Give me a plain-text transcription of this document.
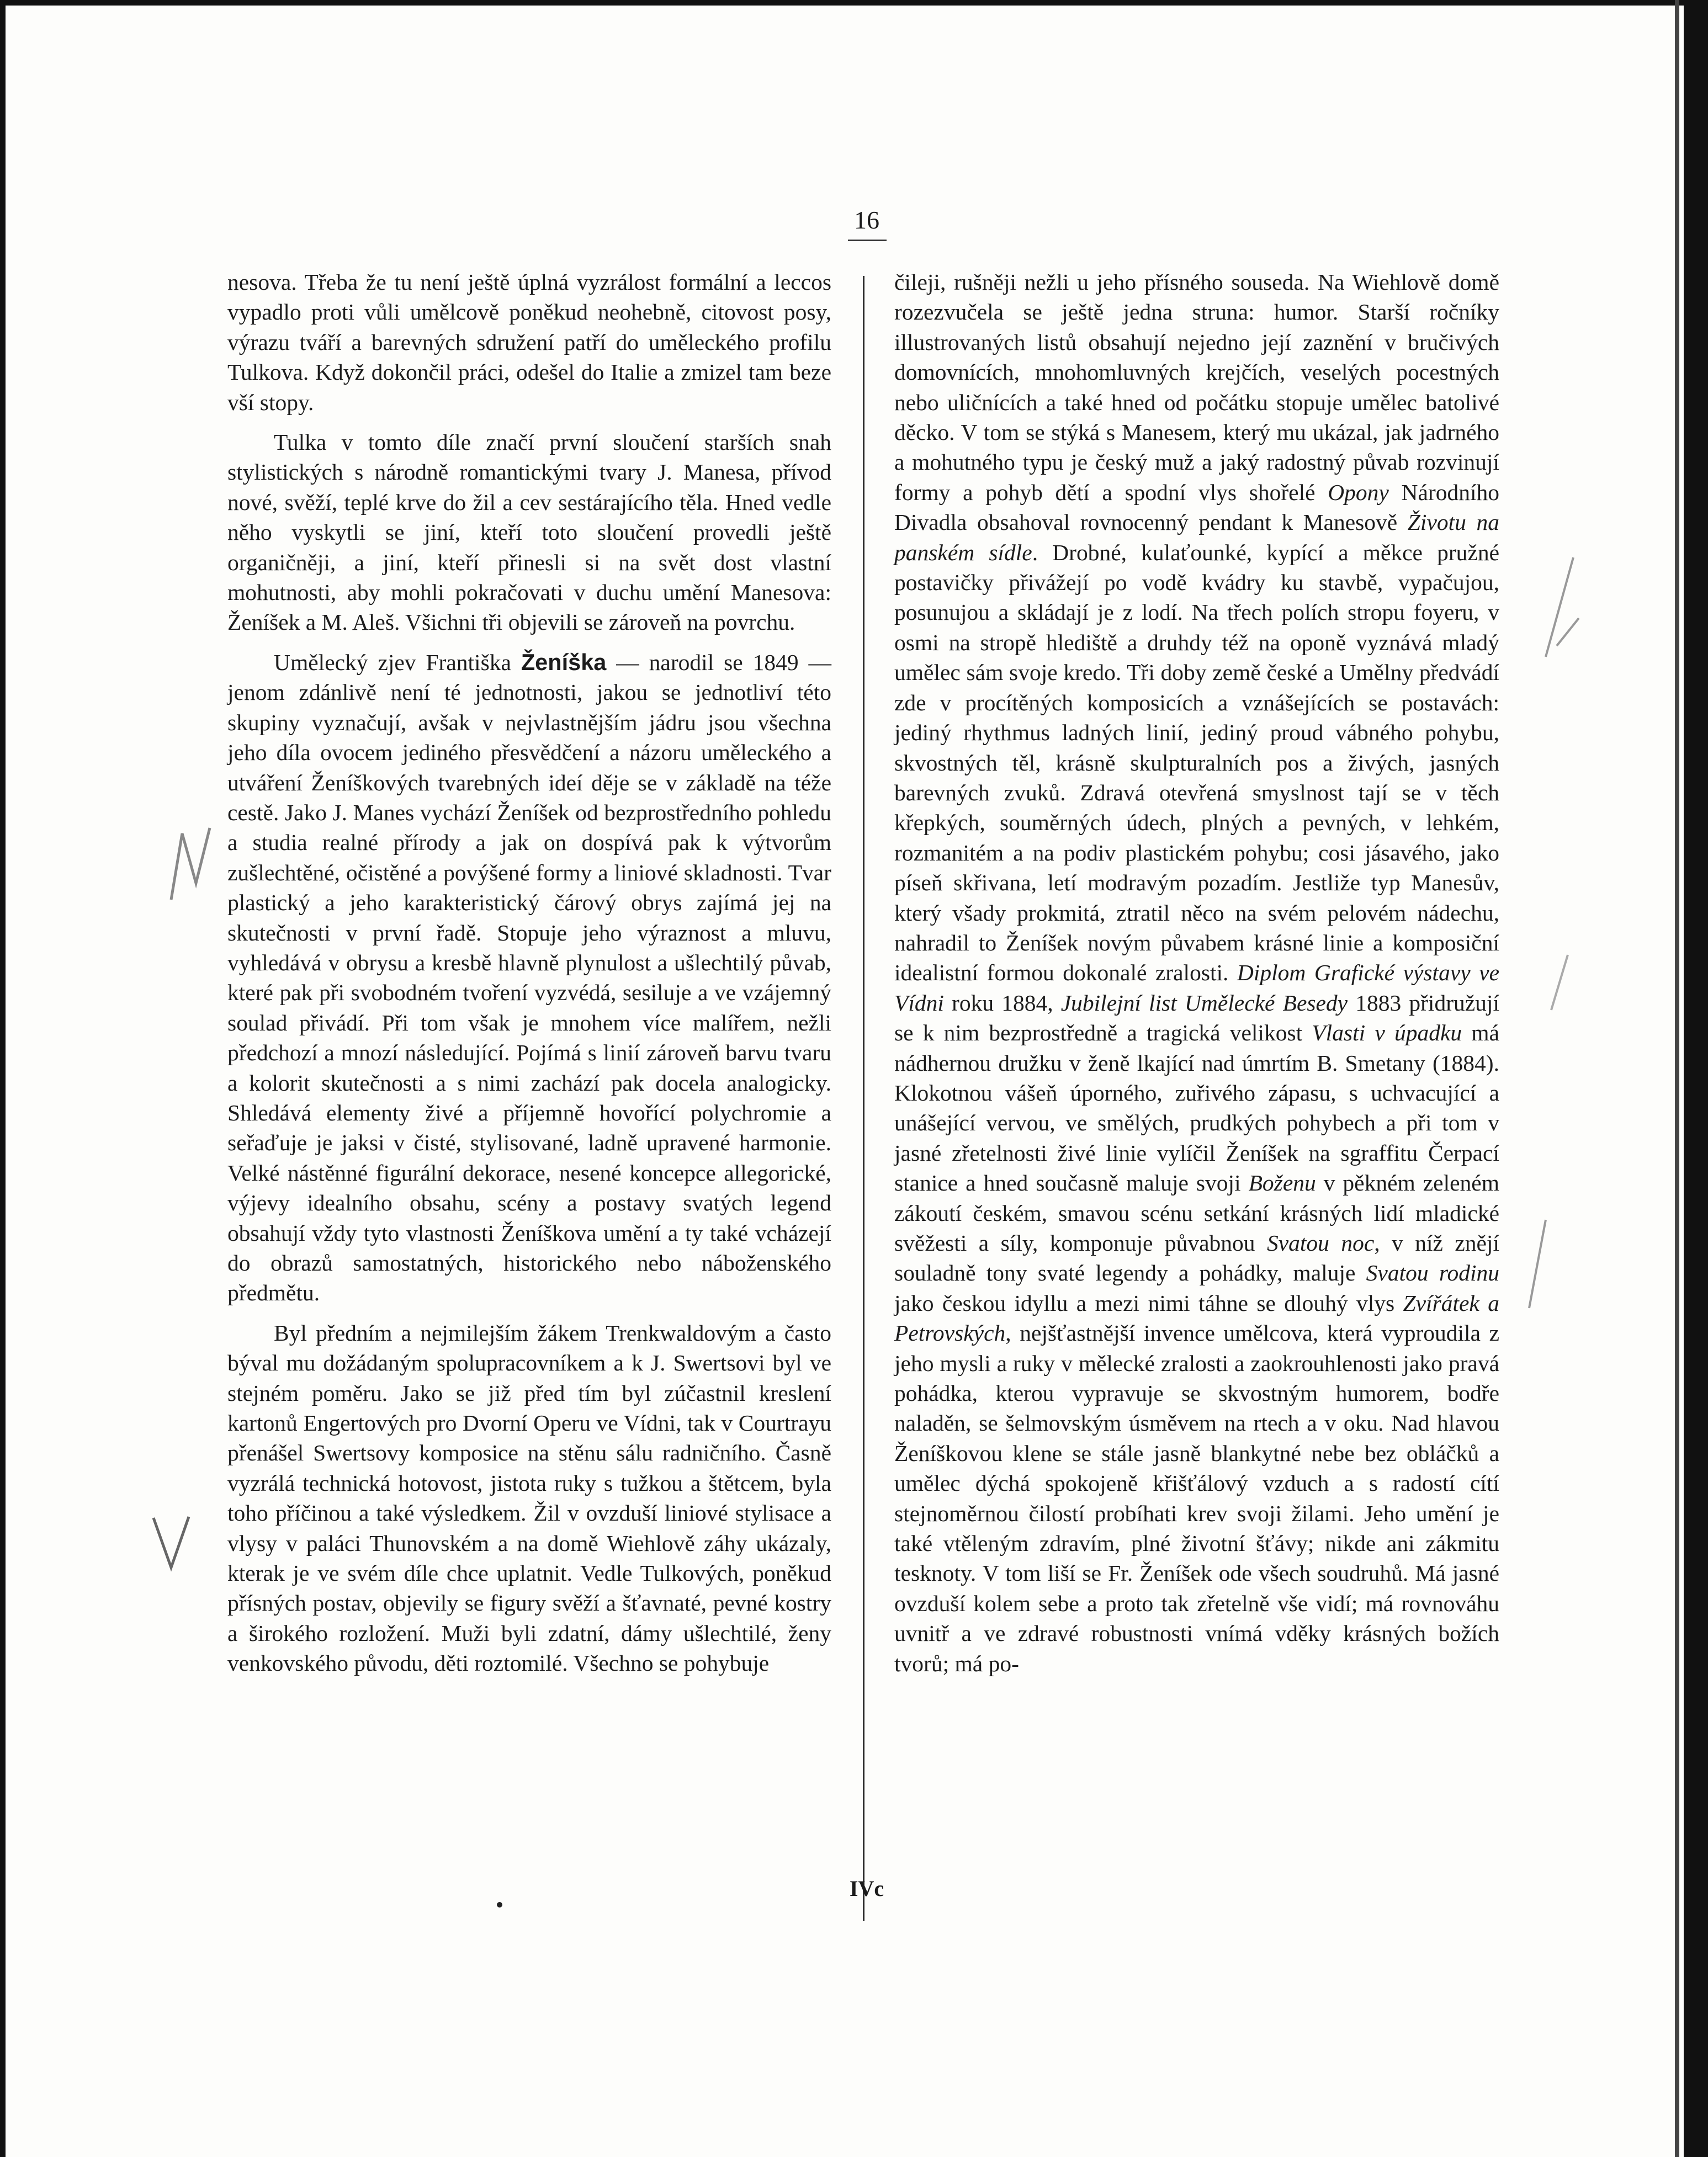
16

nesova. Třeba že tu není ještě úplná vyzrálost formální a leccos vypadlo proti vůli umělcově poněkud neohebně, citovost posy, výrazu tváří a barevných sdružení patří do uměleckého profilu Tulkova. Když dokončil práci, odešel do Italie a zmizel tam beze vší stopy.

Tulka v tomto díle značí první sloučení starších snah stylistických s národně romantickými tvary J. Manesa, přívod nové, svěží, teplé krve do žil a cev sestárajícího těla. Hned vedle něho vyskytli se jiní, kteří toto sloučení provedli ještě organičněji, a jiní, kteří přinesli si na svět dost vlastní mohutnosti, aby mohli pokračovati v duchu umění Manesova: Ženíšek a M. Aleš. Všichni tři objevili se zároveň na povrchu.

Umělecký zjev Františka Ženíška — narodil se 1849 — jenom zdánlivě není té jednotnosti, jakou se jednotliví této skupiny vyznačují, avšak v nejvlastnějším jádru jsou všechna jeho díla ovocem jediného přesvědčení a názoru uměleckého a utváření Ženíškových tvarebných ideí děje se v základě na téže cestě. Jako J. Manes vychází Ženíšek od bezprostředního pohledu a studia realné přírody a jak on dospívá pak k výtvorům zušlechtěné, očistěné a povýšené formy a liniové skladnosti. Tvar plastický a jeho karakteristický čárový obrys zajímá jej na skutečnosti v první řadě. Stopuje jeho výraznost a mluvu, vyhledává v obrysu a kresbě hlavně plynulost a ušlechtilý půvab, které pak při svobodném tvoření vyzvédá, sesiluje a ve vzájemný soulad přivádí. Při tom však je mnohem více malířem, nežli předchozí a mnozí následující. Pojímá s linií zároveň barvu tvaru a kolorit skutečnosti a s nimi zachází pak docela analogicky. Shledává elementy živé a příjemně hovořící polychromie a seřaďuje je jaksi v čisté, stylisované, ladně upravené harmonie. Velké nástěnné figurální dekorace, nesené koncepce allegorické, výjevy idealního obsahu, scény a postavy svatých legend obsahují vždy tyto vlastnosti Ženíškova umění a ty také vcházejí do obrazů samostatných, historického nebo náboženského předmětu.

Byl předním a nejmilejším žákem Trenkwaldovým a často býval mu dožádaným spolupracovníkem a k J. Swertsovi byl ve stejném poměru. Jako se již před tím byl zúčastnil kreslení kartonů Engertových pro Dvorní Operu ve Vídni, tak v Courtrayu přenášel Swertsovy komposice na stěnu sálu radničního. Časně vyzrálá technická hotovost, jistota ruky s tužkou a štětcem, byla toho příčinou a také výsledkem. Žil v ovzduší liniové stylisace a vlysy v paláci Thunovském a na domě Wiehlově záhy ukázaly, kterak je ve svém díle chce uplatnit. Vedle Tulkových, poněkud přísných postav, objevily se figury svěží a šťavnaté, pevné kostry a širokého rozložení. Muži byli zdatní, dámy ušlechtilé, ženy venkovského původu, děti roztomilé. Všechno se pohybuje

čileji, rušněji nežli u jeho přísného souseda. Na Wiehlově domě rozezvučela se ještě jedna struna: humor. Starší ročníky illustrovaných listů obsahují nejedno její zaznění v bručivých domovnících, mnohomluvných krejčích, veselých pocestných nebo uličnících a také hned od počátku stopuje umělec batolivé děcko. V tom se stýká s Manesem, který mu ukázal, jak jadrného a mohutného typu je český muž a jaký radostný půvab rozvinují formy a pohyb dětí a spodní vlys shořelé Opony Národního Divadla obsahoval rovnocenný pendant k Manesově Životu na panském sídle. Drobné, kulaťounké, kypící a měkce pružné postavičky přivážejí po vodě kvádry ku stavbě, vypačujou, posunujou a skládají je z lodí. Na třech polích stropu foyeru, v osmi na stropě hlediště a druhdy též na oponě vyznává mladý umělec sám svoje kredo. Tři doby země české a Umělny předvádí zde v procítěných komposicích a vznášejících se postavách: jediný rhythmus ladných linií, jediný proud vábného pohybu, skvostných těl, krásně skulpturalních pos a živých, jasných barevných zvuků. Zdravá otevřená smyslnost tají se v těch křepkých, souměrných údech, plných a pevných, v lehkém, rozmanitém a na podiv plastickém pohybu; cosi jásavého, jako píseň skřivana, letí modravým pozadím. Jestliže typ Manesův, který všady prokmitá, ztratil něco na svém pelovém nádechu, nahradil to Ženíšek novým půvabem krásné linie a komposiční idealistní formou dokonalé zralosti. Diplom Grafické výstavy ve Vídni roku 1884, Jubilejní list Umělecké Besedy 1883 přidružují se k nim bezprostředně a tragická velikost Vlasti v úpadku má nádhernou družku v ženě lkající nad úmrtím B. Smetany (1884). Klokotnou vášeň úporného, zuřivého zápasu, s uchvacující a unášející vervou, ve smělých, prudkých pohybech a při tom v jasné zřetelnosti živé linie vylíčil Ženíšek na sgraffitu Čerpací stanice a hned současně maluje svoji Boženu v pěkném zeleném zákoutí českém, smavou scénu setkání krásných lidí mladické svěžesti a síly, komponuje půvabnou Svatou noc, v níž znějí souladně tony svaté legendy a pohádky, maluje Svatou rodinu jako českou idyllu a mezi nimi táhne se dlouhý vlys Zvířátek a Petrovských, nejšťastnější invence umělcova, která vyproudila z jeho mysli a ruky v mělecké zralosti a zaokrouhlenosti jako pravá pohádka, kterou vypravuje se skvostným humorem, bodře naladěn, se šelmovským úsměvem na rtech a v oku. Nad hlavou Ženíškovou klene se stále jasně blankytné nebe bez obláčků a umělec dýchá spokojeně křišťálový vzduch a s radostí cítí stejnoměrnou čilostí probíhati krev svoji žilami. Jeho umění je také vtěleným zdravím, plné životní šťávy; nikde ani zákmitu tesknoty. V tom liší se Fr. Ženíšek ode všech soudruhů. Má jasné ovzduší kolem sebe a proto tak zřetelně vše vidí; má rovnováhu uvnitř a ve zdravé robustnosti vnímá vděky krásných božích tvorů; má po-

IVc
